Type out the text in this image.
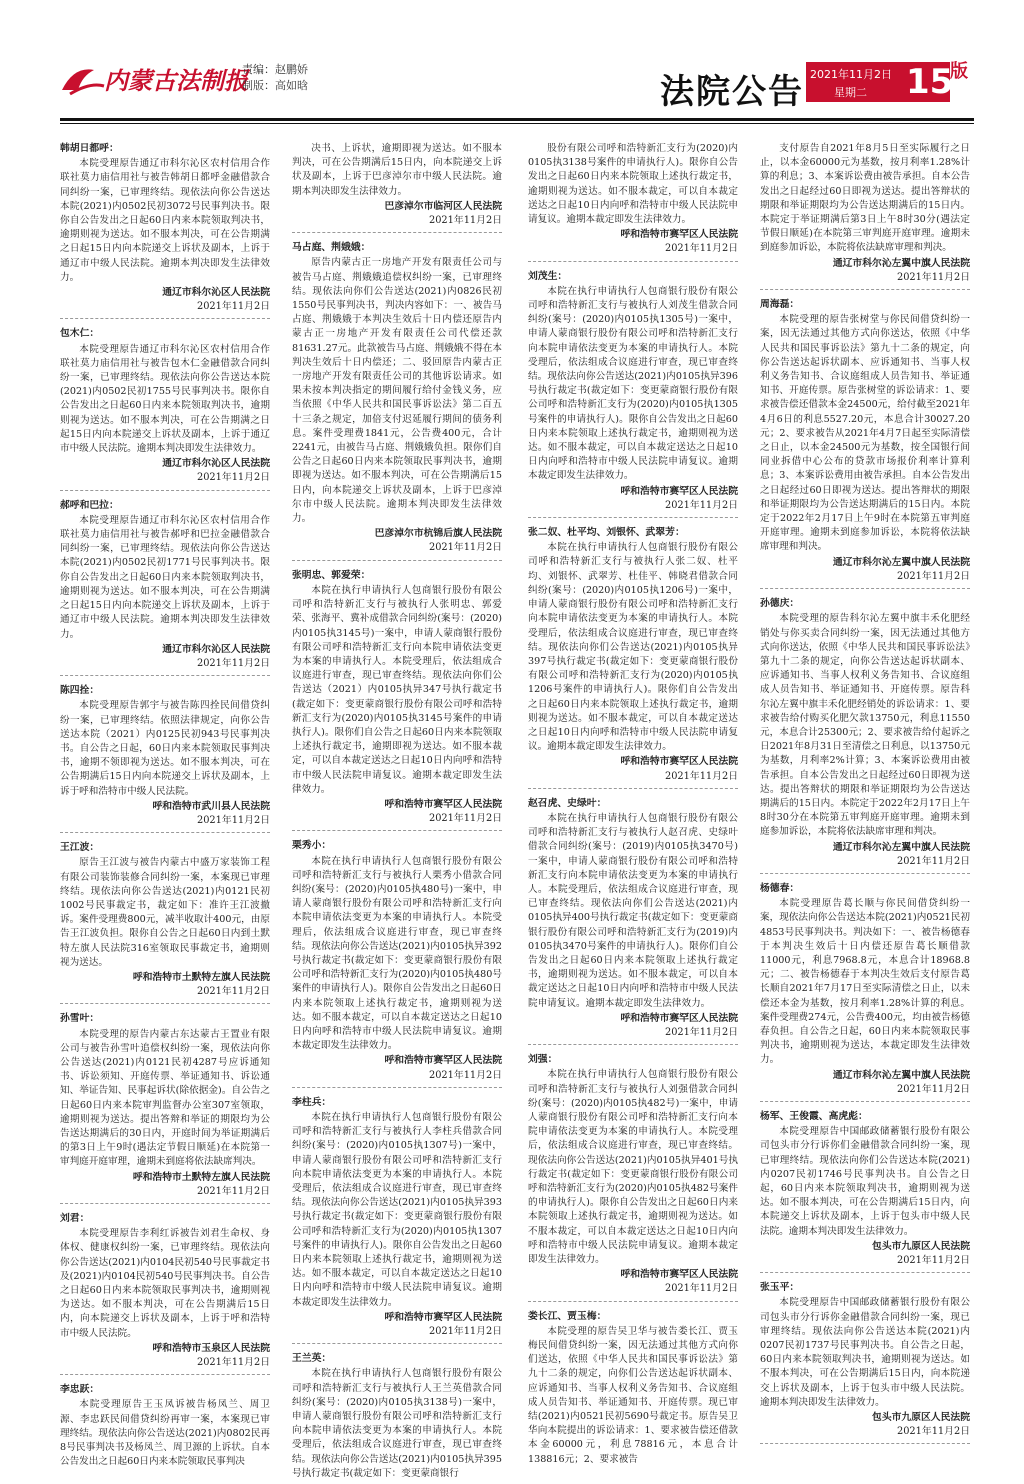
内蒙古法制报
责编：赵鹏娇
制版：高如晗	法院公告 2021年11月2日
星期二 15
版
韩胡日都呼：

本院受理原告通辽市科尔沁区农村信用合作联社莫力庙信用社与被告韩胡日都呼金融借款合同纠纷一案，已审理终结。现依法向你公告送达本院(2021)内0502民初3072号民事判决书。限你自公告发出之日起60日内来本院领取判决书，逾期则视为送达。如不服本判决，可在公告期满之日起15日内向本院递交上诉状及副本，上诉于通辽市中级人民法院。逾期本判决即发生法律效力。

通辽市科尔沁区人民法院
2021年11月2日
包木仁：

本院受理原告通辽市科尔沁区农村信用合作联社莫力庙信用社与被告包木仁金融借款合同纠纷一案，已审理终结。现依法向你公告送达本院(2021)内0502民初1755号民事判决书。限你自公告发出之日起60日内来本院领取判决书，逾期则视为送达。如不服本判决，可在公告期满之日起15日内向本院递交上诉状及副本，上诉于通辽市中级人民法院。逾期本判决即发生法律效力。

通辽市科尔沁区人民法院
2021年11月2日
郝呼和巴拉：

本院受理原告通辽市科尔沁区农村信用合作联社莫力庙信用社与被告郝呼和巴拉金融借款合同纠纷一案，已审理终结。现依法向你公告送达本院(2021)内0502民初1771号民事判决书。限你自公告发出之日起60日内来本院领取判决书，逾期则视为送达。如不服本判决，可在公告期满之日起15日内向本院递交上诉状及副本，上诉于通辽市中级人民法院。逾期本判决即发生法律效力。

通辽市科尔沁区人民法院
2021年11月2日
陈四拴：

本院受理原告郭宇与被告陈四拴民间借贷纠纷一案，已审理终结。依照法律规定，向你公告送达本院（2021）内0125民初943号民事判决书。自公告之日起，60日内来本院领取民事判决书，逾期不领即视为送达。如不服本判决，可在公告期满后15日内向本院递交上诉状及副本，上诉于呼和浩特市中级人民法院。

呼和浩特市武川县人民法院
2021年11月2日
王江波：

原告王江波与被告内蒙古中盛万家装饰工程有限公司装饰装修合同纠纷一案，本案现已审理终结。现依法向你公告送达(2021)内0121民初1002号民事裁定书，裁定如下：准许王江波撤诉。案件受理费800元，减半收取计400元，由原告王江波负担。限你自公告之日起60日内到土默特左旗人民法院316室领取民事裁定书，逾期则视为送达。

呼和浩特市土默特左旗人民法院
2021年11月2日
孙雪叶：

本院受理的原告内蒙古东达蒙古王置业有限公司与被告孙雪叶追偿权纠纷一案，现依法向你公告送达(2021)内0121民初4287号应诉通知书、诉讼须知、开庭传票、举证通知书、诉讼通知、举证告知、民事起诉状(除依据金)。自公告之日起60日内来本院审判监督办公室307室领取，逾期则视为送达。提出答辩和举证的期限均为公告送达期满后的30日内，开庭时间为举证期满后的第3日上午9时(遇法定节假日顺延)在本院第一审判庭开庭审理，逾期未到庭将依法缺席判决。

呼和浩特市土默特左旗人民法院
2021年11月2日
刘君：

本院受理原告李利红诉被告刘君生命权、身体权、健康权纠纷一案，已审理终结。现依法向你公告送达(2021)内0104民初540号民事裁定书及(2021)内0104民初540号民事判决书。自公告之日起60日内来本院领取民事判决书，逾期则视为送达。如不服本判决，可在公告期满后15日内，向本院递交上诉状及副本，上诉于呼和浩特市中级人民法院。

呼和浩特市玉泉区人民法院
2021年11月2日
李忠跃：

本院受理原告王玉凤诉被告杨凤兰、周卫源、李忠跃民间借贷纠纷再审一案，本案现已审理终结。现依法向你公告送达(2021)内0802民再8号民事判决书及杨凤兰、周卫源的上诉状。自本公告发出之日起60日内来本院领取民事判决

决书、上诉状，逾期即视为送达。如不服本判决，可在公告期满后15日内，向本院递交上诉状及副本，上诉于巴彦淖尔市中级人民法院。逾期本判决即发生法律效力。

巴彦淖尔市临河区人民法院
2021年11月2日
马占庭、荆娥娥：

原告内蒙古正一房地产开发有限责任公司与被告马占庭、荆娥娥追偿权纠纷一案，已审理终结。现依法向你们公告送达(2021)内0826民初1550号民事判决书，判决内容如下：一、被告马占庭、荆娥娥于本判决生效后十日内偿还原告内蒙古正一房地产开发有限责任公司代偿还款81631.27元。此款被告马占庭、荆娥娥不得在本判决生效后十日内偿还；二、驳回原告内蒙古正一房地产开发有限责任公司的其他诉讼请求。如果未按本判决指定的期间履行给付金钱义务，应当依照《中华人民共和国民事诉讼法》第二百五十三条之规定，加倍支付迟延履行期间的债务利息。案件受理费1841元，公告费400元，合计2241元，由被告马占庭、荆娥娥负担。限你们自公告之日起60日内来本院领取民事判决书，逾期即视为送达。如不服本判决，可在公告期满后15日内，向本院递交上诉状及副本，上诉于巴彦淖尔市中级人民法院。逾期本判决即发生法律效力。

巴彦淖尔市杭锦后旗人民法院
2021年11月2日
张明忠、郭爱荣：

本院在执行申请执行人包商银行股份有限公司呼和浩特新汇支行与被执行人张明忠、郭爱荣、张海平、冀补成借款合同纠纷(案号：(2020)内0105执3145号)一案中，申请人蒙商银行股份有限公司呼和浩特新汇支行向本院申请依法变更为本案的申请执行人。本院受理后，依法组成合议庭进行审查，现已审查终结。现依法向你们公告送达（2021）内0105执异347号执行裁定书(裁定如下：变更蒙商银行股份有限公司呼和浩特新汇支行为(2020)内0105执3145号案件的申请执行人)。限你们自公告之日起60日内来本院领取上述执行裁定书，逾期即视为送达。如不服本裁定，可以自本裁定送达之日起10日内向呼和浩特市中级人民法院申请复议。逾期本裁定即发生法律效力。

呼和浩特市赛罕区人民法院
2021年11月2日
栗秀小：

本院在执行申请执行人包商银行股份有限公司呼和浩特新汇支行与被执行人栗秀小借款合同纠纷(案号：(2020)内0105执480号)一案中，申请人蒙商银行股份有限公司呼和浩特新汇支行向本院申请依法变更为本案的申请执行人。本院受理后，依法组成合议庭进行审查，现已审查终结。现依法向你公告送达(2021)内0105执异392号执行裁定书(裁定如下：变更蒙商银行股份有限公司呼和浩特新汇支行为(2020)内0105执480号案件的申请执行人)。限你自公告发出之日起60日内来本院领取上述执行裁定书，逾期则视为送达。如不服本裁定，可以自本裁定送达之日起10日内向呼和浩特市中级人民法院申请复议。逾期本裁定即发生法律效力。

呼和浩特市赛罕区人民法院
2021年11月2日
李柱兵：

本院在执行申请执行人包商银行股份有限公司呼和浩特新汇支行与被执行人李柱兵借款合同纠纷(案号：(2020)内0105执1307号)一案中，申请人蒙商银行股份有限公司呼和浩特新汇支行向本院申请依法变更为本案的申请执行人。本院受理后，依法组成合议庭进行审查，现已审查终结。现依法向你公告送达(2021)内0105执异393号执行裁定书(裁定如下：变更蒙商银行股份有限公司呼和浩特新汇支行为(2020)内0105执1307号案件的申请执行人)。限你自公告发出之日起60日内来本院领取上述执行裁定书，逾期则视为送达。如不服本裁定，可以自本裁定送达之日起10日内向呼和浩特市中级人民法院申请复议。逾期本裁定即发生法律效力。

呼和浩特市赛罕区人民法院
2021年11月2日
王兰英：

本院在执行申请执行人包商银行股份有限公司呼和浩特新汇支行与被执行人王兰英借款合同纠纷(案号：(2020)内0105执3138号)一案中，申请人蒙商银行股份有限公司呼和浩特新汇支行向本院申请依法变更为本案的申请执行人。本院受理后，依法组成合议庭进行审查，现已审查终结。现依法向你公告送达(2021)内0105执异395号执行裁定书(裁定如下：变更蒙商银行

股份有限公司呼和浩特新汇支行为(2020)内0105执3138号案件的申请执行人)。限你自公告发出之日起60日内来本院领取上述执行裁定书，逾期则视为送达。如不服本裁定，可以自本裁定送达之日起10日内向呼和浩特市中级人民法院申请复议。逾期本裁定即发生法律效力。

呼和浩特市赛罕区人民法院
2021年11月2日
刘茂生：

本院在执行申请执行人包商银行股份有限公司呼和浩特新汇支行与被执行人刘茂生借款合同纠纷(案号：(2020)内0105执1305号)一案中，申请人蒙商银行股份有限公司呼和浩特新汇支行向本院申请依法变更为本案的申请执行人。本院受理后，依法组成合议庭进行审查，现已审查终结。现依法向你公告送达(2021)内0105执异396号执行裁定书(裁定如下：变更蒙商银行股份有限公司呼和浩特新汇支行为(2020)内0105执1305号案件的申请执行人)。限你自公告发出之日起60日内来本院领取上述执行裁定书，逾期则视为送达。如不服本裁定，可以自本裁定送达之日起10日内向呼和浩特市中级人民法院申请复议。逾期本裁定即发生法律效力。

呼和浩特市赛罕区人民法院
2021年11月2日
张二奴、杜平均、刘银怀、武翠芳：

本院在执行申请执行人包商银行股份有限公司呼和浩特新汇支行与被执行人张二奴、杜平均、刘银怀、武翠芳、杜佳平、韩晓君借款合同纠纷(案号：(2020)内0105执1206号)一案中，申请人蒙商银行股份有限公司呼和浩特新汇支行向本院申请依法变更为本案的申请执行人。本院受理后，依法组成合议庭进行审查，现已审查终结。现依法向你们公告送达(2021)内0105执异397号执行裁定书(裁定如下：变更蒙商银行股份有限公司呼和浩特新汇支行为(2020)内0105执1206号案件的申请执行人)。限你们自公告发出之日起60日内来本院领取上述执行裁定书，逾期则视为送达。如不服本裁定，可以自本裁定送达之日起10日内向呼和浩特市中级人民法院申请复议。逾期本裁定即发生法律效力。

呼和浩特市赛罕区人民法院
2021年11月2日
赵召虎、史绿叶：

本院在执行申请执行人包商银行股份有限公司呼和浩特新汇支行与被执行人赵召虎、史绿叶借款合同纠纷(案号：(2019)内0105执3470号)一案中，申请人蒙商银行股份有限公司呼和浩特新汇支行向本院申请依法变更为本案的申请执行人。本院受理后，依法组成合议庭进行审查，现已审查终结。现依法向你们公告送达(2021)内0105执异400号执行裁定书(裁定如下：变更蒙商银行股份有限公司呼和浩特新汇支行为(2019)内0105执3470号案件的申请执行人)。限你们自公告发出之日起60日内来本院领取上述执行裁定书，逾期则视为送达。如不服本裁定，可以自本裁定送达之日起10日内向呼和浩特市中级人民法院申请复议。逾期本裁定即发生法律效力。

呼和浩特市赛罕区人民法院
2021年11月2日
刘强：

本院在执行申请执行人包商银行股份有限公司呼和浩特新汇支行与被执行人刘强借款合同纠纷(案号：(2020)内0105执482号)一案中，申请人蒙商银行股份有限公司呼和浩特新汇支行向本院申请依法变更为本案的申请执行人。本院受理后，依法组成合议庭进行审查，现已审查终结。现依法向你公告送达(2021)内0105执异401号执行裁定书(裁定如下：变更蒙商银行股份有限公司呼和浩特新汇支行为(2020)内0105执482号案件的申请执行人)。限你自公告发出之日起60日内来本院领取上述执行裁定书，逾期则视为送达。如不服本裁定，可以自本裁定送达之日起10日内向呼和浩特市中级人民法院申请复议。逾期本裁定即发生法律效力。

呼和浩特市赛罕区人民法院
2021年11月2日
娄长江、贾玉梅：

本院受理的原告吴卫华与被告娄长江、贾玉梅民间借贷纠纷一案，因无法通过其他方式向你们送达，依照《中华人民共和国民事诉讼法》第九十二条的规定，向你们公告送达起诉状副本、应诉通知书、当事人权利义务告知书、合议庭组成人员告知书、举证通知书、开庭传票。现已审结(2021)内0521民初5690号裁定书。原告吴卫华向本院提出的诉讼请求：1、要求被告偿还借款本金60000元，利息78816元，本息合计138816元；2、要求被告

支付原告自2021年8月5日至实际履行之日止，以本金60000元为基数，按月利率1.28%计算的利息；3、本案诉讼费由被告承担。自本公告发出之日起经过60日即视为送达。提出答辩状的期限和举证期限均为公告送达期满后的15日内。本院定于举证期满后第3日上午8时30分(遇法定节假日顺延)在本院第三审判庭开庭审理。逾期未到庭参加诉讼，本院将依法缺席审理和判决。

通辽市科尔沁左翼中旗人民法院
2021年11月2日
周海磊：

本院受理的原告张树堂与你民间借贷纠纷一案，因无法通过其他方式向你送达，依照《中华人民共和国民事诉讼法》第九十二条的规定，向你公告送达起诉状副本、应诉通知书、当事人权利义务告知书、合议庭组成人员告知书、举证通知书、开庭传票。原告张树堂的诉讼请求：1、要求被告偿还借款本金24500元，给付截至2021年4月6日的利息5527.20元，本息合计30027.20元；2、要求被告从2021年4月7日起至实际清偿之日止，以本金24500元为基数，按全国银行间同业拆借中心公布的贷款市场报价利率计算利息；3、本案诉讼费用由被告承担。自本公告发出之日起经过60日即视为送达。提出答辩状的期限和举证期限均为公告送达期满后的15日内。本院定于2022年2月17日上午9时在本院第五审判庭开庭审理。逾期未到庭参加诉讼，本院将依法缺席审理和判决。

通辽市科尔沁左翼中旗人民法院
2021年11月2日
孙德庆：

本院受理的原告科尔沁左翼中旗丰禾化肥经销处与你买卖合同纠纷一案，因无法通过其他方式向你送达，依照《中华人民共和国民事诉讼法》第九十二条的规定，向你公告送达起诉状副本、应诉通知书、当事人权利义务告知书、合议庭组成人员告知书、举证通知书、开庭传票。原告科尔沁左翼中旗丰禾化肥经销处的诉讼请求：1、要求被告给付购买化肥欠款13750元，利息11550元，本息合计25300元；2、要求被告给付起诉之日2021年8月31日至清偿之日利息，以13750元为基数，月利率2%计算；3、本案诉讼费用由被告承担。自本公告发出之日起经过60日即视为送达。提出答辩状的期限和举证期限均为公告送达期满后的15日内。本院定于2022年2月17日上午8时30分在本院第五审判庭开庭审理。逾期未到庭参加诉讼，本院将依法缺席审理和判决。

通辽市科尔沁左翼中旗人民法院
2021年11月2日
杨德春：

本院受理原告葛长顺与你民间借贷纠纷一案，现依法向你公告送达本院(2021)内0521民初4853号民事判决书。判决如下：一、被告杨德春于本判决生效后十日内偿还原告葛长顺借款11000元，利息7968.8元，本息合计18968.8元；二、被告杨德春于本判决生效后支付原告葛长顺自2021年7月17日至实际清偿之日止，以未偿还本金为基数，按月利率1.28%计算的利息。案件受理费274元，公告费400元，均由被告杨德春负担。自公告之日起，60日内来本院领取民事判决书，逾期则视为送达，本裁定即发生法律效力。

通辽市科尔沁左翼中旗人民法院
2021年11月2日
杨军、王俊霞、高虎彪：

本院受理原告中国邮政储蓄银行股份有限公司包头市分行诉你们金融借款合同纠纷一案，现已审理终结。现依法向你们公告送达本院(2021)内0207民初1746号民事判决书。自公告之日起，60日内来本院领取判决书，逾期则视为送达。如不服本判决，可在公告期满后15日内，向本院递交上诉状及副本，上诉于包头市中级人民法院。逾期本判决即发生法律效力。

包头市九原区人民法院
2021年11月2日
张玉平：

本院受理原告中国邮政储蓄银行股份有限公司包头市分行诉你金融借款合同纠纷一案，现已审理终结。现依法向你公告送达本院(2021)内0207民初1737号民事判决书。自公告之日起，60日内来本院领取判决书，逾期则视为送达。如不服本判决，可在公告期满后15日内，向本院递交上诉状及副本，上诉于包头市中级人民法院。逾期本判决即发生法律效力。

包头市九原区人民法院
2021年11月2日
